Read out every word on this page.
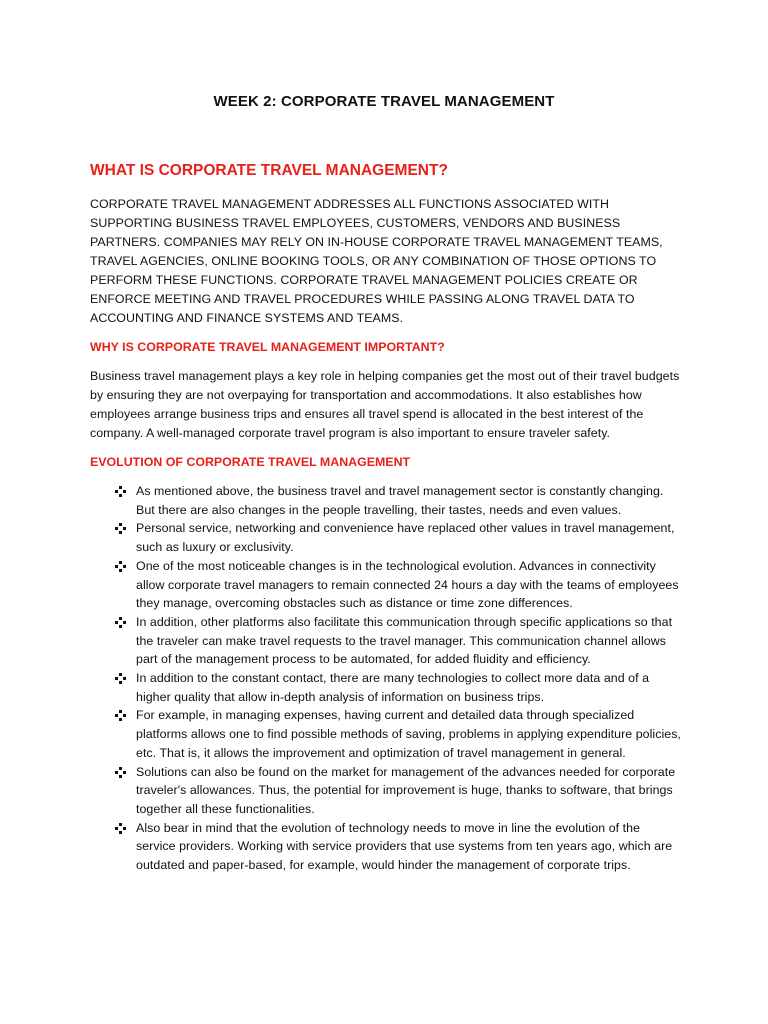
WEEK 2: CORPORATE TRAVEL MANAGEMENT
WHAT IS CORPORATE TRAVEL MANAGEMENT?

CORPORATE TRAVEL MANAGEMENT ADDRESSES ALL FUNCTIONS ASSOCIATED WITH SUPPORTING BUSINESS TRAVEL EMPLOYEES, CUSTOMERS, VENDORS AND BUSINESS PARTNERS. COMPANIES MAY RELY ON IN-HOUSE CORPORATE TRAVEL MANAGEMENT TEAMS, TRAVEL AGENCIES, ONLINE BOOKING TOOLS, OR ANY COMBINATION OF THOSE OPTIONS TO PERFORM THESE FUNCTIONS. CORPORATE TRAVEL MANAGEMENT POLICIES CREATE OR ENFORCE MEETING AND TRAVEL PROCEDURES WHILE PASSING ALONG TRAVEL DATA TO ACCOUNTING AND FINANCE SYSTEMS AND TEAMS.

WHY IS CORPORATE TRAVEL MANAGEMENT IMPORTANT?

Business travel management plays a key role in helping companies get the most out of their travel budgets by ensuring they are not overpaying for transportation and accommodations. It also establishes how employees arrange business trips and ensures all travel spend is allocated in the best interest of the company. A well-managed corporate travel program is also important to ensure traveler safety.

EVOLUTION OF CORPORATE TRAVEL MANAGEMENT
As mentioned above, the business travel and travel management sector is constantly changing. But there are also changes in the people travelling, their tastes, needs and even values.
Personal service, networking and convenience have replaced other values in travel management, such as luxury or exclusivity.
One of the most noticeable changes is in the technological evolution. Advances in connectivity allow corporate travel managers to remain connected 24 hours a day with the teams of employees they manage, overcoming obstacles such as distance or time zone differences.
In addition, other platforms also facilitate this communication through specific applications so that the traveler can make travel requests to the travel manager. This communication channel allows part of the management process to be automated, for added fluidity and efficiency.
In addition to the constant contact, there are many technologies to collect more data and of a higher quality that allow in-depth analysis of information on business trips.
For example, in managing expenses, having current and detailed data through specialized platforms allows one to find possible methods of saving, problems in applying expenditure policies, etc. That is, it allows the improvement and optimization of travel management in general.
Solutions can also be found on the market for management of the advances needed for corporate traveler's allowances. Thus, the potential for improvement is huge, thanks to software, that brings together all these functionalities.
Also bear in mind that the evolution of technology needs to move in line the evolution of the service providers. Working with service providers that use systems from ten years ago, which are outdated and paper-based, for example, would hinder the management of corporate trips.
